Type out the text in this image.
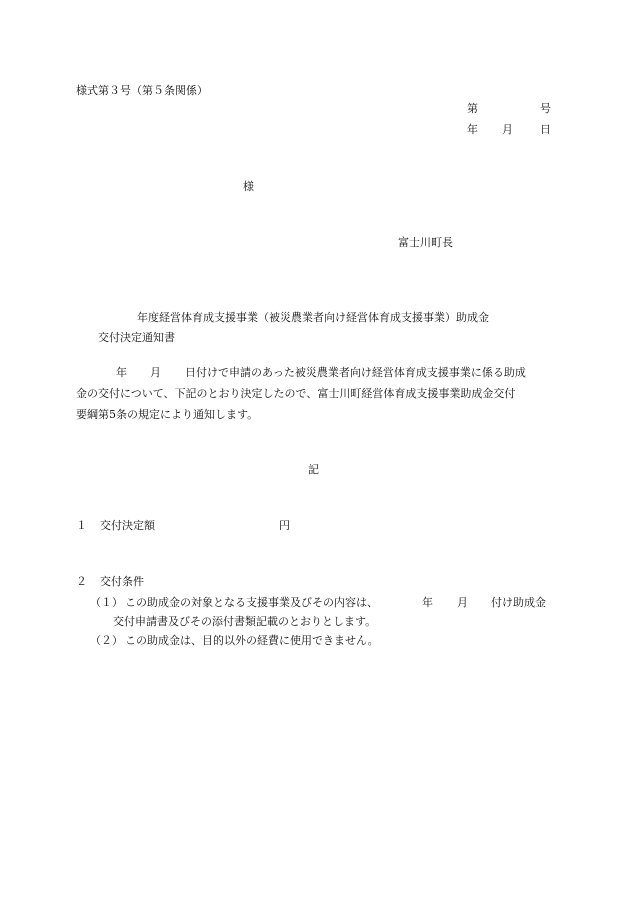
様式第３号（第５条関係）

第	号

年 月 日

様

富士川町長

年度経営体育成支援事業（被災農業者向け経営体育成支援事業）助成金

交付決定通知書

年 月 日付けで申請のあった被災農業者向け経営体育成支援事業に係る助成

金の交付について、下記のとおり決定したので、富士川町経営体育成支援事業助成金交付

要綱第5条の規定により通知します。

記

１ 交付決定額	円

２ 交付条件

（１） この助成金の対象となる支援事業及びその内容は、	年 月 付け助成金

交付申請書及びその添付書類記載のとおりとします。

（２） この助成金は、目的以外の経費に使用できません。
